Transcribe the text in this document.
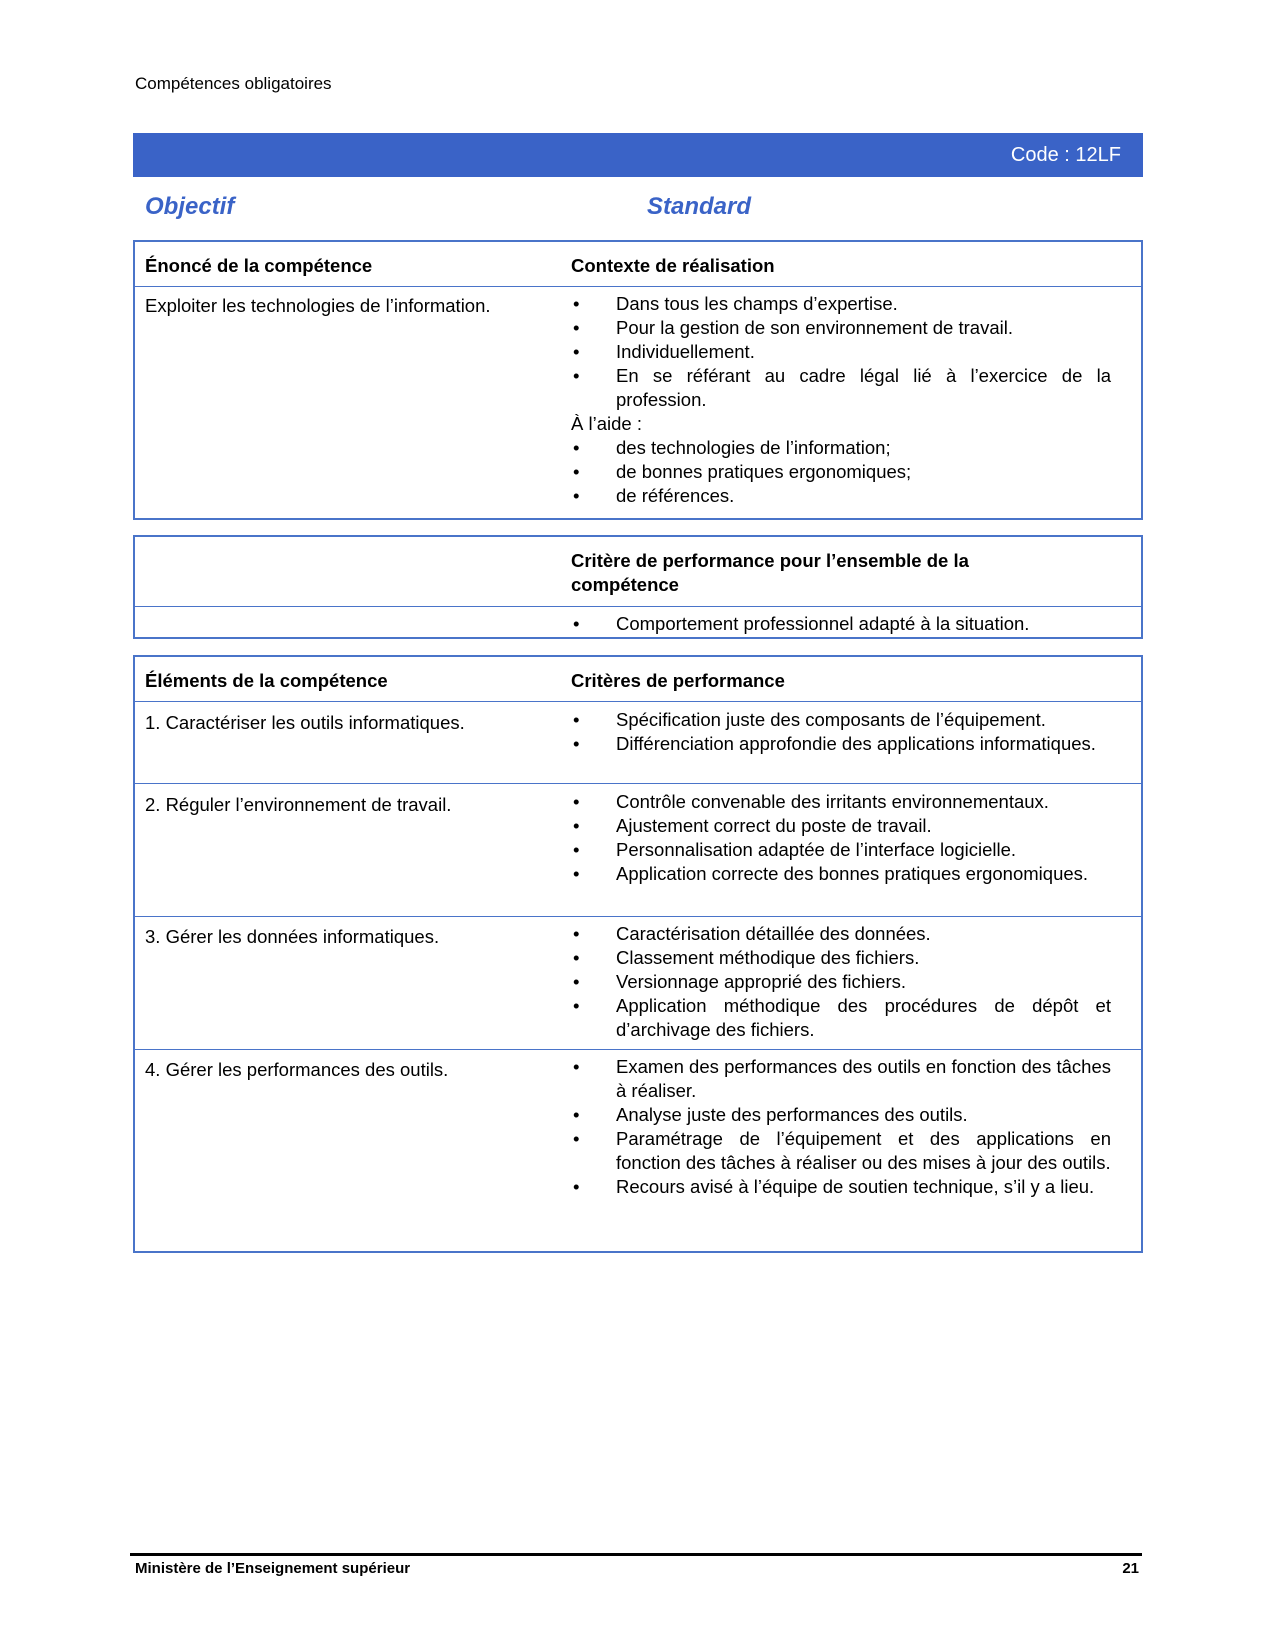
Compétences obligatoires
Code : 12LF
Objectif	Standard
Énoncé de la compétence	Contexte de réalisation
Exploiter les technologies de l’information.	• Dans tous les champs d’expertise.
• Pour la gestion de son environnement de travail.
• Individuellement.
• En se référant au cadre légal lié à l’exercice de la profession.
À l’aide :
• des technologies de l’information;
• de bonnes pratiques ergonomiques;
• de références.
Critère de performance pour l’ensemble de la compétence
• Comportement professionnel adapté à la situation.
Éléments de la compétence	Critères de performance
1. Caractériser les outils informatiques.	• Spécification juste des composants de l’équipement.
• Différenciation approfondie des applications informatiques.
2. Réguler l’environnement de travail.	• Contrôle convenable des irritants environnementaux.
• Ajustement correct du poste de travail.
• Personnalisation adaptée de l’interface logicielle.
• Application correcte des bonnes pratiques ergonomiques.
3. Gérer les données informatiques.	• Caractérisation détaillée des données.
• Classement méthodique des fichiers.
• Versionnage approprié des fichiers.
• Application méthodique des procédures de dépôt et d’archivage des fichiers.
4. Gérer les performances des outils.	• Examen des performances des outils en fonction des tâches à réaliser.
• Analyse juste des performances des outils.
• Paramétrage de l’équipement et des applications en fonction des tâches à réaliser ou des mises à jour des outils.
• Recours avisé à l’équipe de soutien technique, s’il y a lieu.
Ministère de l’Enseignement supérieur	21
